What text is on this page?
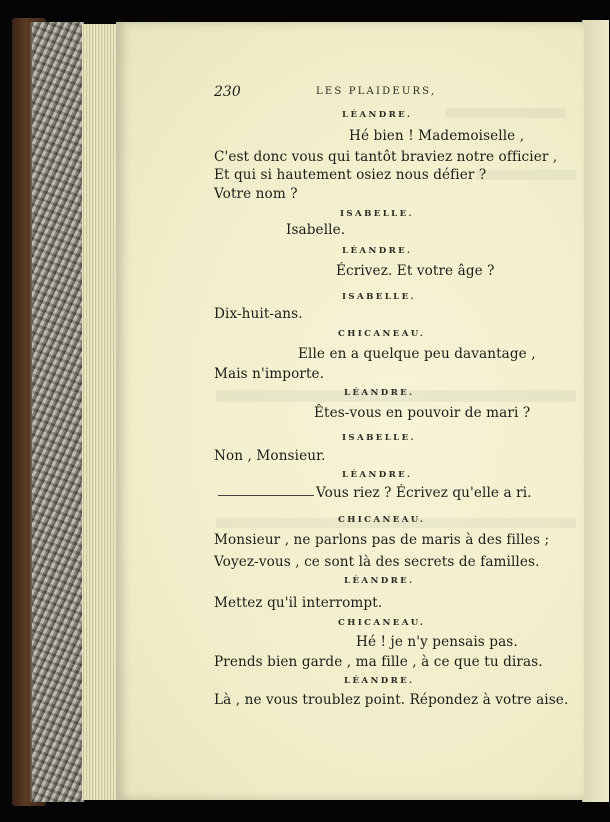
230	LES PLAIDEURS,
LÉANDRE.
Hé bien ! Mademoiselle ,
C'est donc vous qui tantôt braviez notre officier ,
Et qui si hautement osiez nous défier ?
Votre nom ?
ISABELLE.
Isabelle.
LÉANDRE.
Écrivez. Et votre âge ?
ISABELLE.
Dix-huit-ans.
CHICANEAU.
Elle en a quelque peu davantage ,
Mais n'importe.
LÉANDRE.
Êtes-vous en pouvoir de mari ?
ISABELLE.
Non , Monsieur.
LÉANDRE.
Vous riez ? Écrivez qu'elle a ri.
CHICANEAU.
Monsieur , ne parlons pas de maris à des filles ;
Voyez-vous , ce sont là des secrets de familles.
LÉANDRE.
Mettez qu'il interrompt.
CHICANEAU.
Hé ! je n'y pensais pas.
Prends bien garde , ma fille , à ce que tu diras.
LÉANDRE.
Là , ne vous troublez point. Répondez à votre aise.
